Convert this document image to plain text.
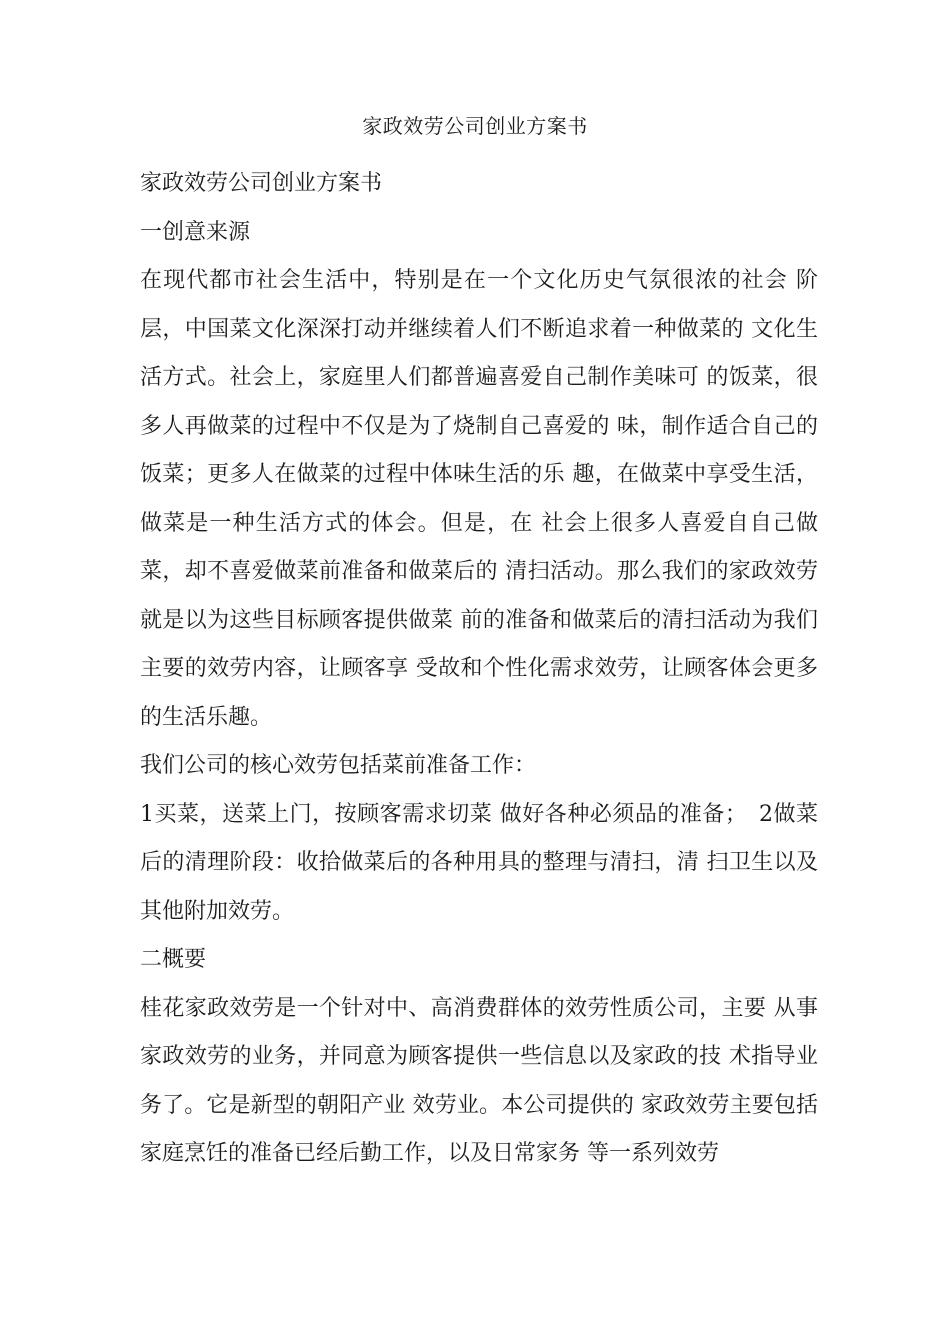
家政效劳公司创业方案书

家政效劳公司创业方案书

一创意来源

在现代都市社会生活中，特别是在一个文化历史气氛很浓的社会 阶层，中国菜文化深深打动并继续着人们不断追求着一种做菜的 文化生活方式。社会上，家庭里人们都普遍喜爱自己制作美味可 的饭菜，很多人再做菜的过程中不仅是为了烧制自己喜爱的 味，制作适合自己的饭菜；更多人在做菜的过程中体味生活的乐 趣，在做菜中享受生活，做菜是一种生活方式的体会。但是，在 社会上很多人喜爱自自己做菜，却不喜爱做菜前准备和做菜后的 清扫活动。那么我们的家政效劳就是以为这些目标顾客提供做菜 前的准备和做菜后的清扫活动为我们主要的效劳内容，让顾客享 受故和个性化需求效劳，让顾客体会更多的生活乐趣。

我们公司的核心效劳包括菜前准备工作：

1买菜，送菜上门，按顾客需求切菜 做好各种必须品的准备；　2做菜后的清理阶段：收拾做菜后的各种用具的整理与清扫，清 扫卫生以及其他附加效劳。

二概要

桂花家政效劳是一个针对中、高消费群体的效劳性质公司，主要 从事家政效劳的业务，并同意为顾客提供一些信息以及家政的技 术指导业务了。它是新型的朝阳产业 效劳业。本公司提供的 家政效劳主要包括家庭烹饪的准备已经后勤工作，以及日常家务 等一系列效劳
